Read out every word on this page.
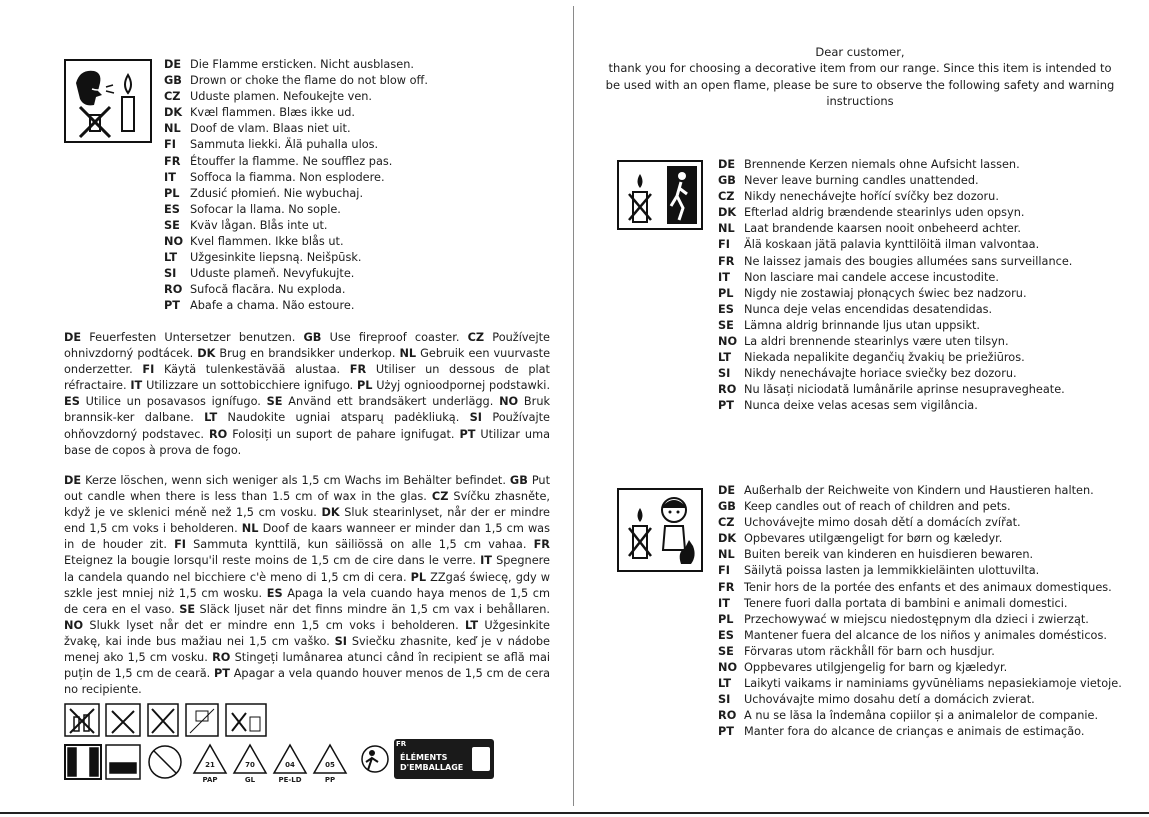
DE Die Flamme ersticken. Nicht ausblasen.
GB Drown or choke the flame do not blow off.
CZ Uduste plamen. Nefoukejte ven.
DK Kvæl flammen. Blæs ikke ud.
NL Doof de vlam. Blaas niet uit.
FI	Sammuta liekki. Älä puhalla ulos.
FR Étouffer la flamme. Ne soufflez pas.
IT	Soffoca la fiamma. Non esplodere.
PL Zdusić płomień. Nie wybuchaj.
ES Sofocar la llama. No sople.
SE Kväv lågan. Blås inte ut.
NO Kvel flammen. Ikke blås ut.
LT	Užgesinkite liepsną. Neišpūsk.
SI	Uduste plameň. Nevyfukujte.
RO Sufocă flacăra. Nu exploda.
PT Abafe a chama. Não estoure.
DE Feuerfesten Untersetzer benutzen. GB Use fireproof coaster. CZ Používejte ohnivzdorný podtácek. DK Brug en brandsikker underkop. NL Gebruik een vuurvaste onderzetter. FI Käytä tulenkestävää alustaa. FR Utiliser un dessous de plat réfractaire. IT Utilizzare un sottobicchiere ignifugo. PL Użyj ognioodpornej podstawki. ES Utilice un posavasos ignífugo. SE Använd ett brandsäkert underlägg. NO Bruk brannsik-ker dalbane. LT Naudokite ugniai atsparų padėkliuką. SI Používajte ohňovzdorný podstavec. RO Folosiți un suport de pahare ignifugat. PT Utilizar uma base de copos à prova de fogo.
DE Kerze löschen, wenn sich weniger als 1,5 cm Wachs im Behälter befindet. GB Put out candle when there is less than 1.5 cm of wax in the glas. CZ Svíčku zhasněte, když je ve sklenici méně než 1,5 cm vosku. DK Sluk stearinlyset, når der er mindre end 1,5 cm voks i beholderen. NL Doof de kaars wanneer er minder dan 1,5 cm was in de houder zit. FI Sammuta kynttilä, kun säiliössä on alle 1,5 cm vahaa. FR Eteignez la bougie lorsqu'il reste moins de 1,5 cm de cire dans le verre. IT Spegnere la candela quando nel bicchiere c'è meno di 1,5 cm di cera. PL ZZgaś świecę, gdy w szkle jest mniej niż 1,5 cm wosku. ES Apaga la vela cuando haya menos de 1,5 cm de cera en el vaso. SE Släck ljuset när det finns mindre än 1,5 cm vax i behållaren. NO Slukk lyset når det er mindre enn 1,5 cm voks i beholderen. LT Užgesinkite žvakę, kai inde bus mažiau nei 1,5 cm vaško. SI Sviečku zhasnite, keď je v nádobe menej ako 1,5 cm vosku. RO Stingeți lumânarea atunci când în recipient se află mai puțin de 1,5 cm de ceară. PT Apagar a vela quando houver menos de 1,5 cm de cera no recipiente.
21
PAP
70
GL
04
PE-LD
05
PP
FR
ÉLÉMENTS
D'EMBALLAGE
Dear customer,
thank you for choosing a decorative item from our range. Since this item is intended to be used with an open flame, please be sure to observe the following safety and warning instructions
DE Brennende Kerzen niemals ohne Aufsicht lassen.
GB Never leave burning candles unattended.
CZ Nikdy nenechávejte hořící svíčky bez dozoru.
DK Efterlad aldrig brændende stearinlys uden opsyn.
NL Laat brandende kaarsen nooit onbeheerd achter.
FI	Älä koskaan jätä palavia kynttilöitä ilman valvontaa.
FR Ne laissez jamais des bougies allumées sans surveillance.
IT	Non lasciare mai candele accese incustodite.
PL Nigdy nie zostawiaj płonących świec bez nadzoru.
ES Nunca deje velas encendidas desatendidas.
SE Lämna aldrig brinnande ljus utan uppsikt.
NO La aldri brennende stearinlys være uten tilsyn.
LT	Niekada nepalikite degančių žvakių be priežiūros.
SI	Nikdy nenechávajte horiace sviečky bez dozoru.
RO Nu lăsați niciodată lumânările aprinse nesupravegheate.
PT Nunca deixe velas acesas sem vigilância.
DE Außerhalb der Reichweite von Kindern und Haustieren halten.
GB Keep candles out of reach of children and pets.
CZ Uchovávejte mimo dosah dětí a domácích zvířat.
DK Opbevares utilgængeligt for børn og kæledyr.
NL Buiten bereik van kinderen en huisdieren bewaren.
FI	Säilytä poissa lasten ja lemmikkieläinten ulottuvilta.
FR Tenir hors de la portée des enfants et des animaux domestiques.
IT	Tenere fuori dalla portata di bambini e animali domestici.
PL Przechowywać w miejscu niedostępnym dla dzieci i zwierząt.
ES Mantener fuera del alcance de los niños y animales domésticos.
SE Förvaras utom räckhåll för barn och husdjur.
NO Oppbevares utilgjengelig for barn og kjæledyr.
LT	Laikyti vaikams ir naminiams gyvūnėliams nepasiekiamoje vietoje.
SI	Uchovávajte mimo dosahu detí a domácich zvierat.
RO A nu se lăsa la îndemâna copiilor și a animalelor de companie.
PT Manter fora do alcance de crianças e animais de estimação.
